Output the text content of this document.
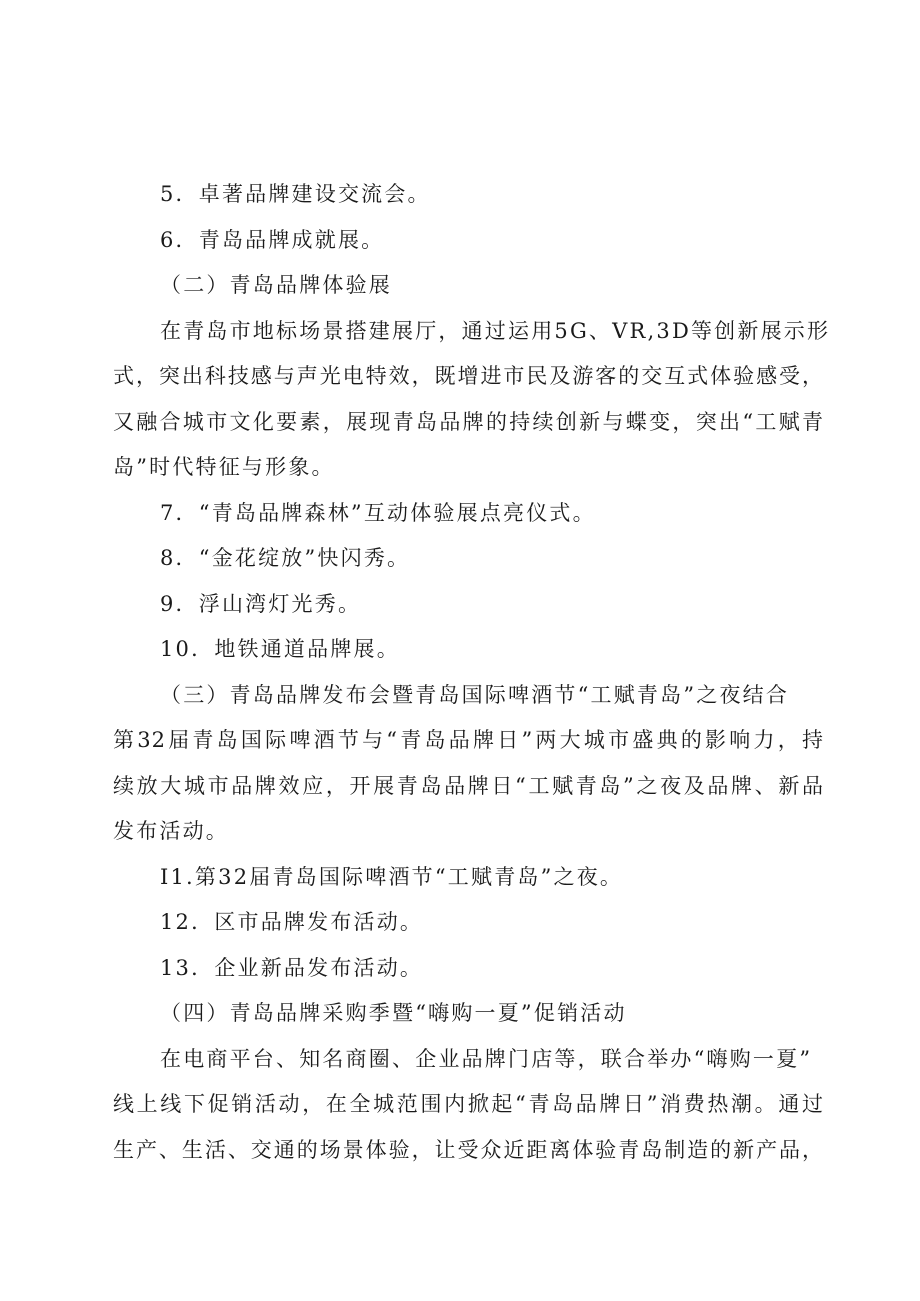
5．卓著品牌建设交流会。
6．青岛品牌成就展。
（二）青岛品牌体验展
在青岛市地标场景搭建展厅，通过运用5G、VR,3D等创新展示形
式，突出科技感与声光电特效，既增进市民及游客的交互式体验感受，
又融合城市文化要素，展现青岛品牌的持续创新与蝶变，突出“工赋青
岛”时代特征与形象。
7．“青岛品牌森林”互动体验展点亮仪式。
8．“金花绽放”快闪秀。
9．浮山湾灯光秀。
10．地铁通道品牌展。
（三）青岛品牌发布会暨青岛国际啤酒节“工赋青岛”之夜结合
第32届青岛国际啤酒节与“青岛品牌日”两大城市盛典的影响力，持
续放大城市品牌效应，开展青岛品牌日“工赋青岛”之夜及品牌、新品
发布活动。
I1.第32届青岛国际啤酒节“工赋青岛”之夜。
12．区市品牌发布活动。
13．企业新品发布活动。
（四）青岛品牌采购季暨“嗨购一夏”促销活动
在电商平台、知名商圈、企业品牌门店等，联合举办“嗨购一夏”
线上线下促销活动，在全城范围内掀起“青岛品牌日”消费热潮。通过
生产、生活、交通的场景体验，让受众近距离体验青岛制造的新产品，
